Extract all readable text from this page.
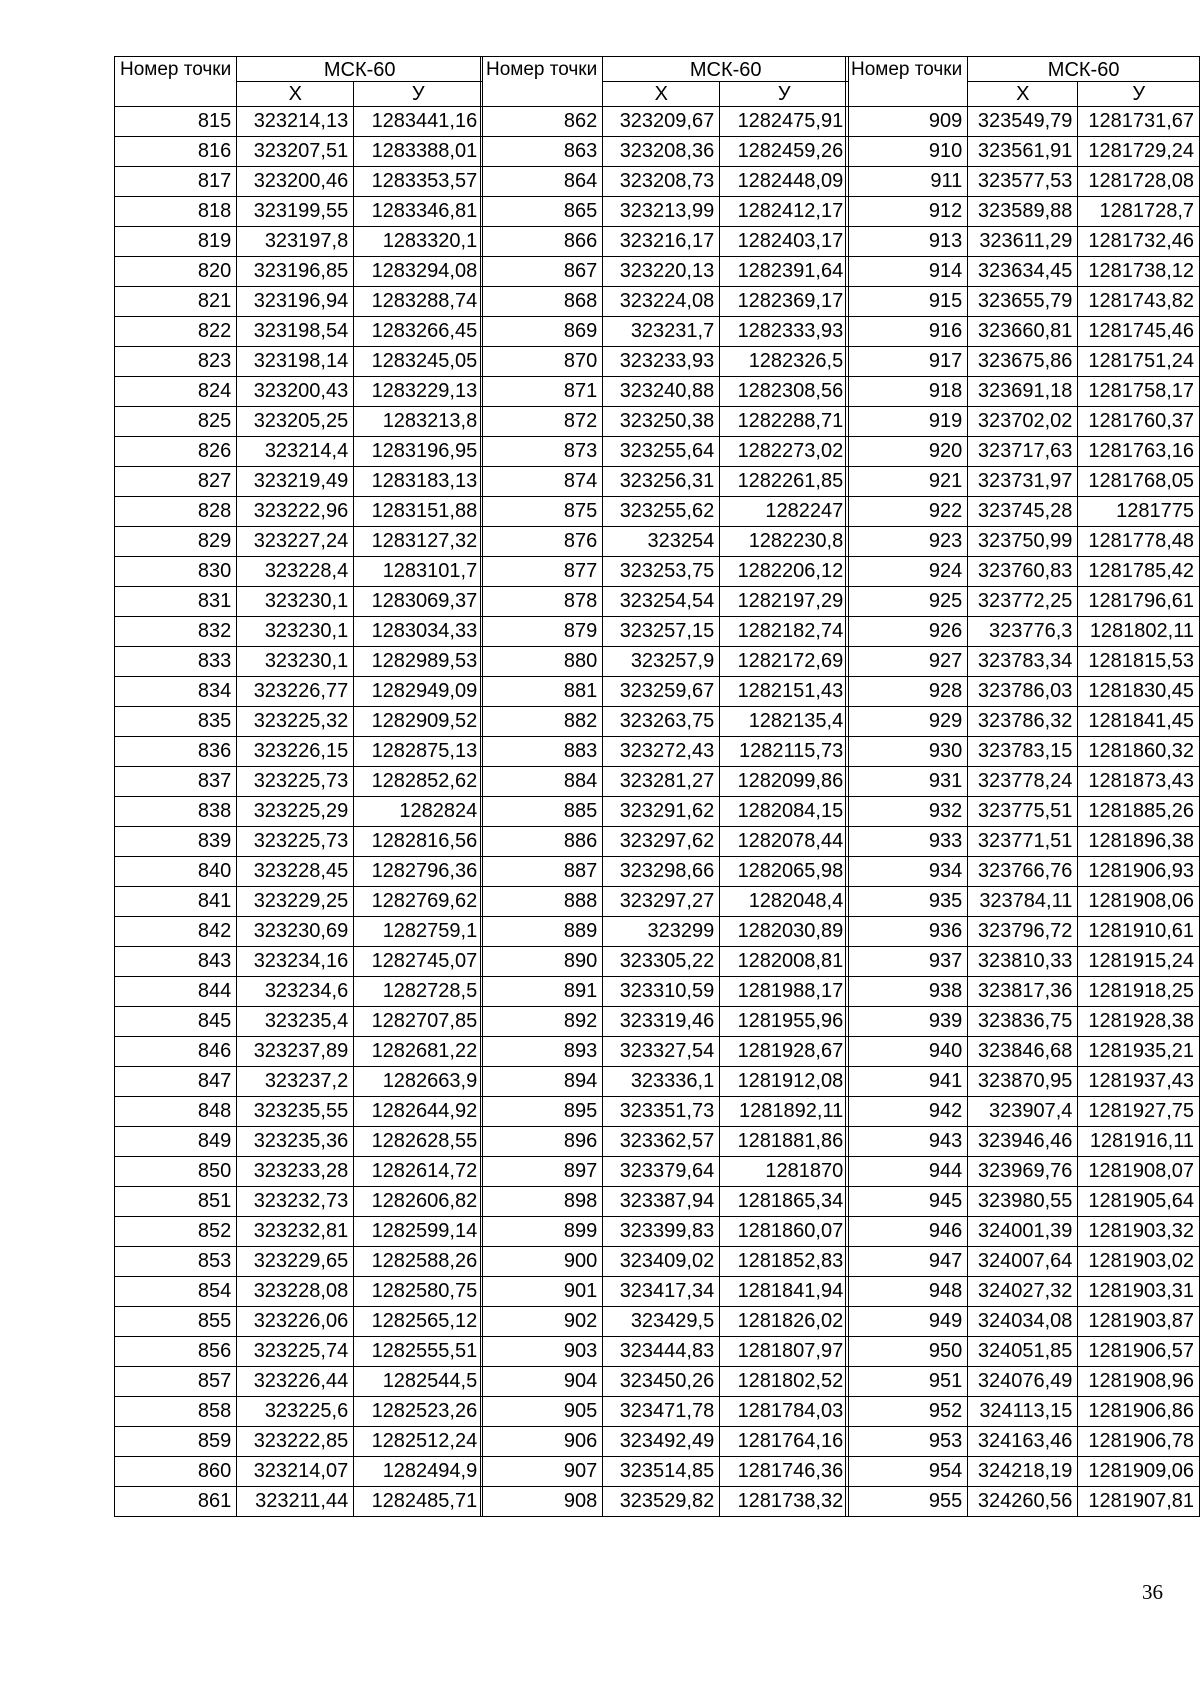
Номер точки	МСК-60	
	Х	У
815	323214,13	1283441,16
816	323207,51	1283388,01
817	323200,46	1283353,57
818	323199,55	1283346,81
819	323197,8	1283320,1
820	323196,85	1283294,08
821	323196,94	1283288,74
822	323198,54	1283266,45
823	323198,14	1283245,05
824	323200,43	1283229,13
825	323205,25	1283213,8
826	323214,4	1283196,95
827	323219,49	1283183,13
828	323222,96	1283151,88
829	323227,24	1283127,32
830	323228,4	1283101,7
831	323230,1	1283069,37
832	323230,1	1283034,33
833	323230,1	1282989,53
834	323226,77	1282949,09
835	323225,32	1282909,52
836	323226,15	1282875,13
837	323225,73	1282852,62
838	323225,29	1282824
839	323225,73	1282816,56
840	323228,45	1282796,36
841	323229,25	1282769,62
842	323230,69	1282759,1
843	323234,16	1282745,07
844	323234,6	1282728,5
845	323235,4	1282707,85
846	323237,89	1282681,22
847	323237,2	1282663,9
848	323235,55	1282644,92
849	323235,36	1282628,55
850	323233,28	1282614,72
851	323232,73	1282606,82
852	323232,81	1282599,14
853	323229,65	1282588,26
854	323228,08	1282580,75
855	323226,06	1282565,12
856	323225,74	1282555,51
857	323226,44	1282544,5
858	323225,6	1282523,26
859	323222,85	1282512,24
860	323214,07	1282494,9
861	323211,44	1282485,71
Номер точки	МСК-60	
	Х	У
862	323209,67	1282475,91
863	323208,36	1282459,26
864	323208,73	1282448,09
865	323213,99	1282412,17
866	323216,17	1282403,17
867	323220,13	1282391,64
868	323224,08	1282369,17
869	323231,7	1282333,93
870	323233,93	1282326,5
871	323240,88	1282308,56
872	323250,38	1282288,71
873	323255,64	1282273,02
874	323256,31	1282261,85
875	323255,62	1282247
876	323254	1282230,8
877	323253,75	1282206,12
878	323254,54	1282197,29
879	323257,15	1282182,74
880	323257,9	1282172,69
881	323259,67	1282151,43
882	323263,75	1282135,4
883	323272,43	1282115,73
884	323281,27	1282099,86
885	323291,62	1282084,15
886	323297,62	1282078,44
887	323298,66	1282065,98
888	323297,27	1282048,4
889	323299	1282030,89
890	323305,22	1282008,81
891	323310,59	1281988,17
892	323319,46	1281955,96
893	323327,54	1281928,67
894	323336,1	1281912,08
895	323351,73	1281892,11
896	323362,57	1281881,86
897	323379,64	1281870
898	323387,94	1281865,34
899	323399,83	1281860,07
900	323409,02	1281852,83
901	323417,34	1281841,94
902	323429,5	1281826,02
903	323444,83	1281807,97
904	323450,26	1281802,52
905	323471,78	1281784,03
906	323492,49	1281764,16
907	323514,85	1281746,36
908	323529,82	1281738,32
Номер точки	МСК-60	
	Х	У
909	323549,79	1281731,67
910	323561,91	1281729,24
911	323577,53	1281728,08
912	323589,88	1281728,7
913	323611,29	1281732,46
914	323634,45	1281738,12
915	323655,79	1281743,82
916	323660,81	1281745,46
917	323675,86	1281751,24
918	323691,18	1281758,17
919	323702,02	1281760,37
920	323717,63	1281763,16
921	323731,97	1281768,05
922	323745,28	1281775
923	323750,99	1281778,48
924	323760,83	1281785,42
925	323772,25	1281796,61
926	323776,3	1281802,11
927	323783,34	1281815,53
928	323786,03	1281830,45
929	323786,32	1281841,45
930	323783,15	1281860,32
931	323778,24	1281873,43
932	323775,51	1281885,26
933	323771,51	1281896,38
934	323766,76	1281906,93
935	323784,11	1281908,06
936	323796,72	1281910,61
937	323810,33	1281915,24
938	323817,36	1281918,25
939	323836,75	1281928,38
940	323846,68	1281935,21
941	323870,95	1281937,43
942	323907,4	1281927,75
943	323946,46	1281916,11
944	323969,76	1281908,07
945	323980,55	1281905,64
946	324001,39	1281903,32
947	324007,64	1281903,02
948	324027,32	1281903,31
949	324034,08	1281903,87
950	324051,85	1281906,57
951	324076,49	1281908,96
952	324113,15	1281906,86
953	324163,46	1281906,78
954	324218,19	1281909,06
955	324260,56	1281907,81
36
